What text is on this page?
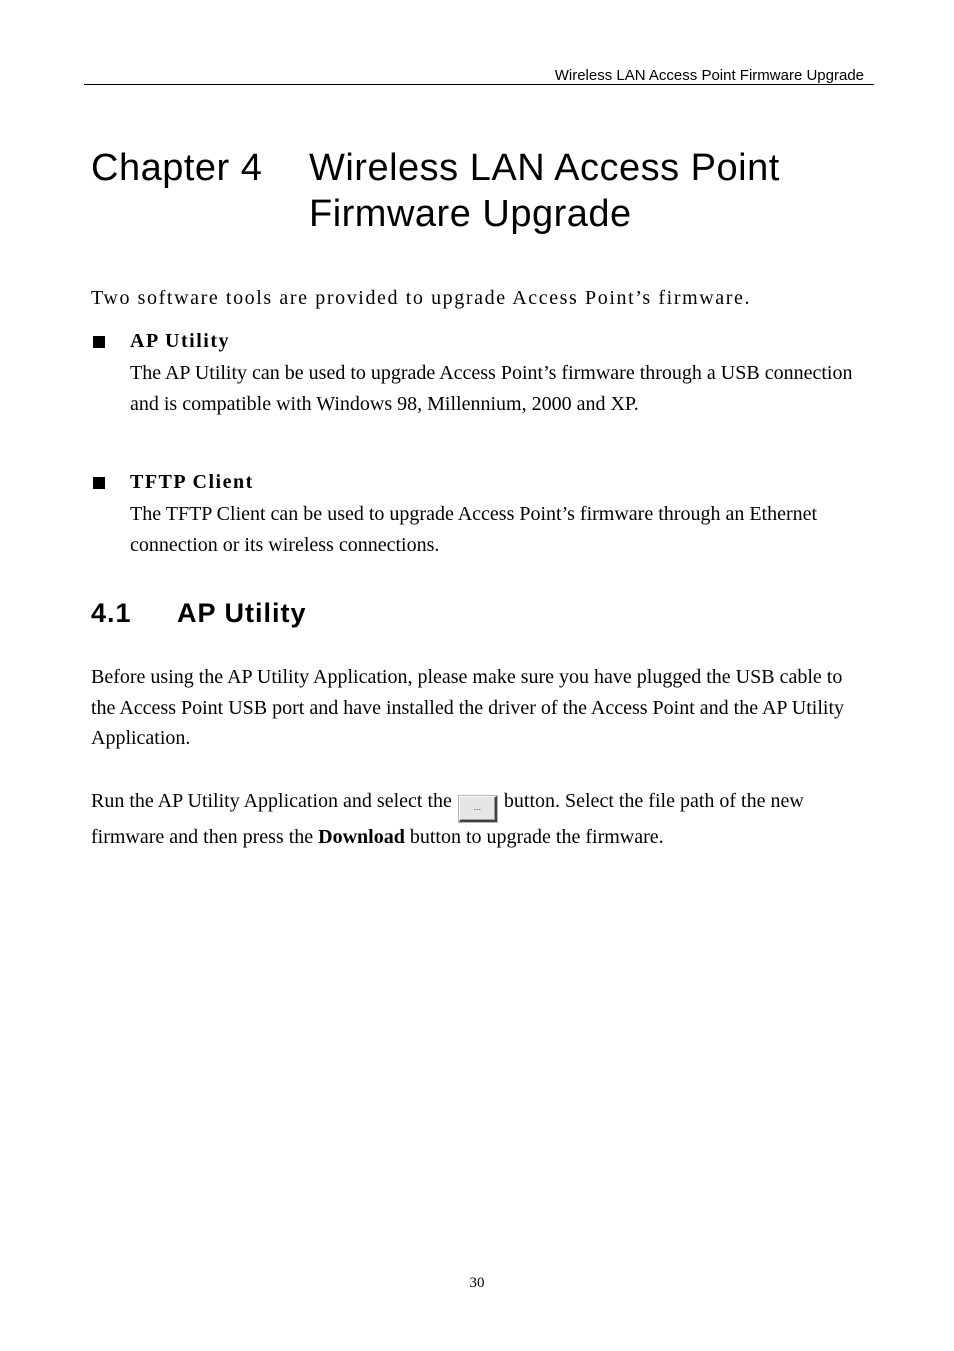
Wireless LAN Access Point Firmware Upgrade
Chapter 4 Wireless LAN Access Point
Firmware Upgrade
Two software tools are provided to upgrade Access Point’s firmware.
AP Utility
The AP Utility can be used to upgrade Access Point’s firmware through a USB connection and is compatible with Windows 98, Millennium, 2000 and XP.
TFTP Client
The TFTP Client can be used to upgrade Access Point’s firmware through an Ethernet connection or its wireless connections.
4.1 AP Utility
Before using the AP Utility Application, please make sure you have plugged the USB cable to the Access Point USB port and have installed the driver of the Access Point and the AP Utility Application.
Run the AP Utility Application and select the ... button. Select the file path of the new firmware and then press the Download button to upgrade the firmware.
30
